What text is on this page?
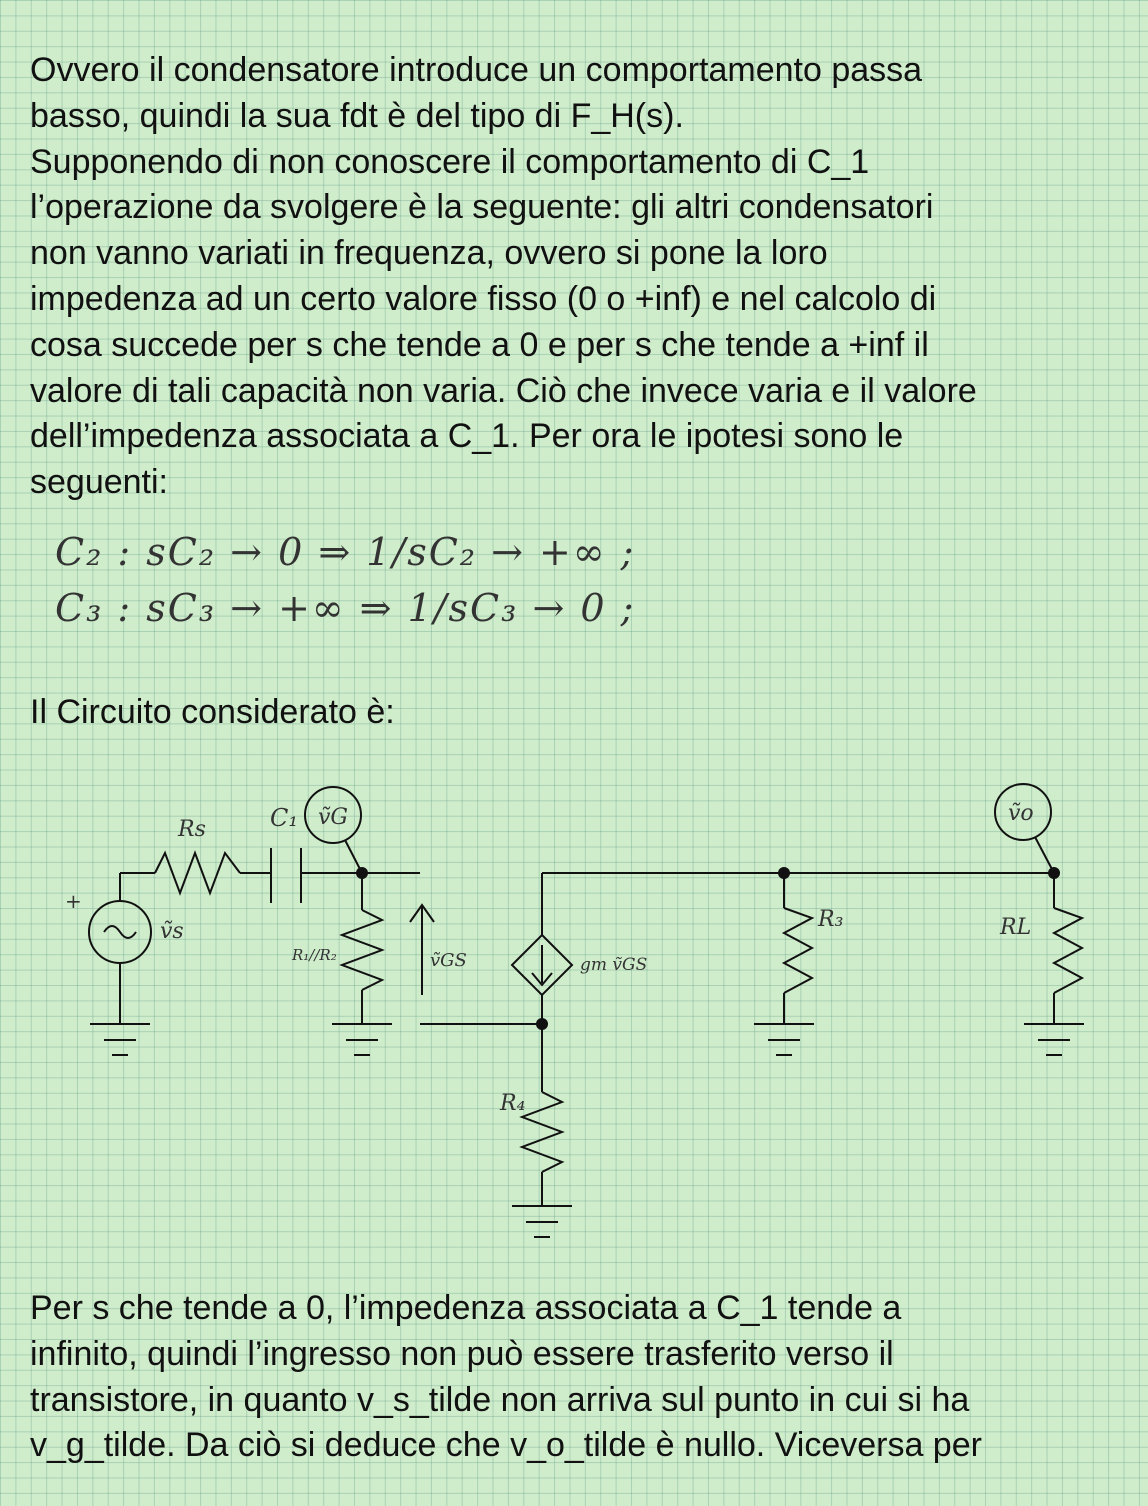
Ovvero il condensatore introduce un comportamento passa
basso, quindi la sua fdt è del tipo di F_H(s).
Supponendo di non conoscere il comportamento di C_1
l’operazione da svolgere è la seguente: gli altri condensatori
non vanno variati in frequenza, ovvero si pone la loro
impedenza ad un certo valore fisso (0 o +inf) e nel calcolo di
cosa succede per s che tende a 0 e per s che tende a +inf il
valore di tali capacità non varia. Ciò che invece varia e il valore
dell’impedenza associata a C_1. Per ora le ipotesi sono le
seguenti:
C₂ : sC₂ → 0 ⇒ 1/sC₂ → +∞ ;
C₃ : sC₃ → +∞ ⇒ 1/sC₃ → 0 ;
Il Circuito considerato è:
Rs	C₁ ṽG	ṽo
+
ṽs
R₁//R₂	ṽGS	gm ṽGS
R₃	RL
R₄
Per s che tende a 0, l’impedenza associata a C_1 tende a
infinito, quindi l’ingresso non può essere trasferito verso il
transistore, in quanto v_s_tilde non arriva sul punto in cui si ha
v_g_tilde. Da ciò si deduce che v_o_tilde è nullo. Viceversa per
